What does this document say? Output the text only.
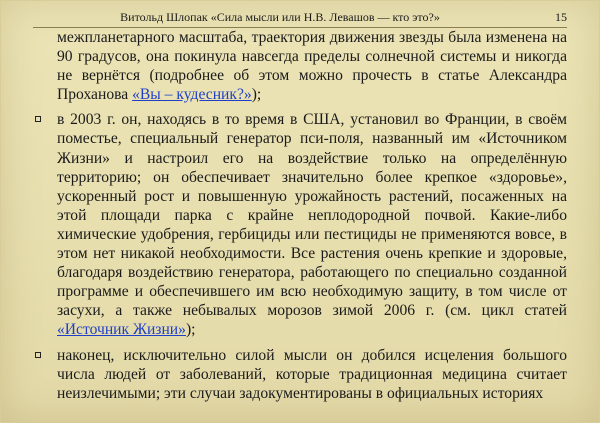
Витольд Шлопак «Сила мысли или Н.В. Левашов — кто это?»	15

межпланетарного масштаба, траектория движения звезды была изменена на 90 градусов, она покинула навсегда пределы солнечной системы и никогда не вернётся (подробнее об этом можно прочесть в статье Александра Проханова «Вы – кудесник?»);

в 2003 г. он, находясь в то время в США, установил во Франции, в своём поместье, специальный генератор пси-поля, названный им «Источником Жизни» и настроил его на воздействие только на определённую территорию; он обеспечивает значительно более крепкое «здоровье», ускоренный рост и повышенную урожайность растений, посаженных на этой площади парка с крайне неплодородной почвой. Какие-либо химические удобрения, гербициды или пестициды не применяются вовсе, в этом нет никакой необходимости. Все растения очень крепкие и здоровые, благодаря воздействию генератора, работающего по специально созданной программе и обеспечившего им всю необходимую защиту, в том числе от засухи, а также небывалых морозов зимой 2006 г. (см. цикл статей «Источник Жизни»);

наконец, исключительно силой мысли он добился исцеления большого числа людей от заболеваний, которые традиционная медицина считает неизлечимыми; эти случаи задокументированы в официальных историях
